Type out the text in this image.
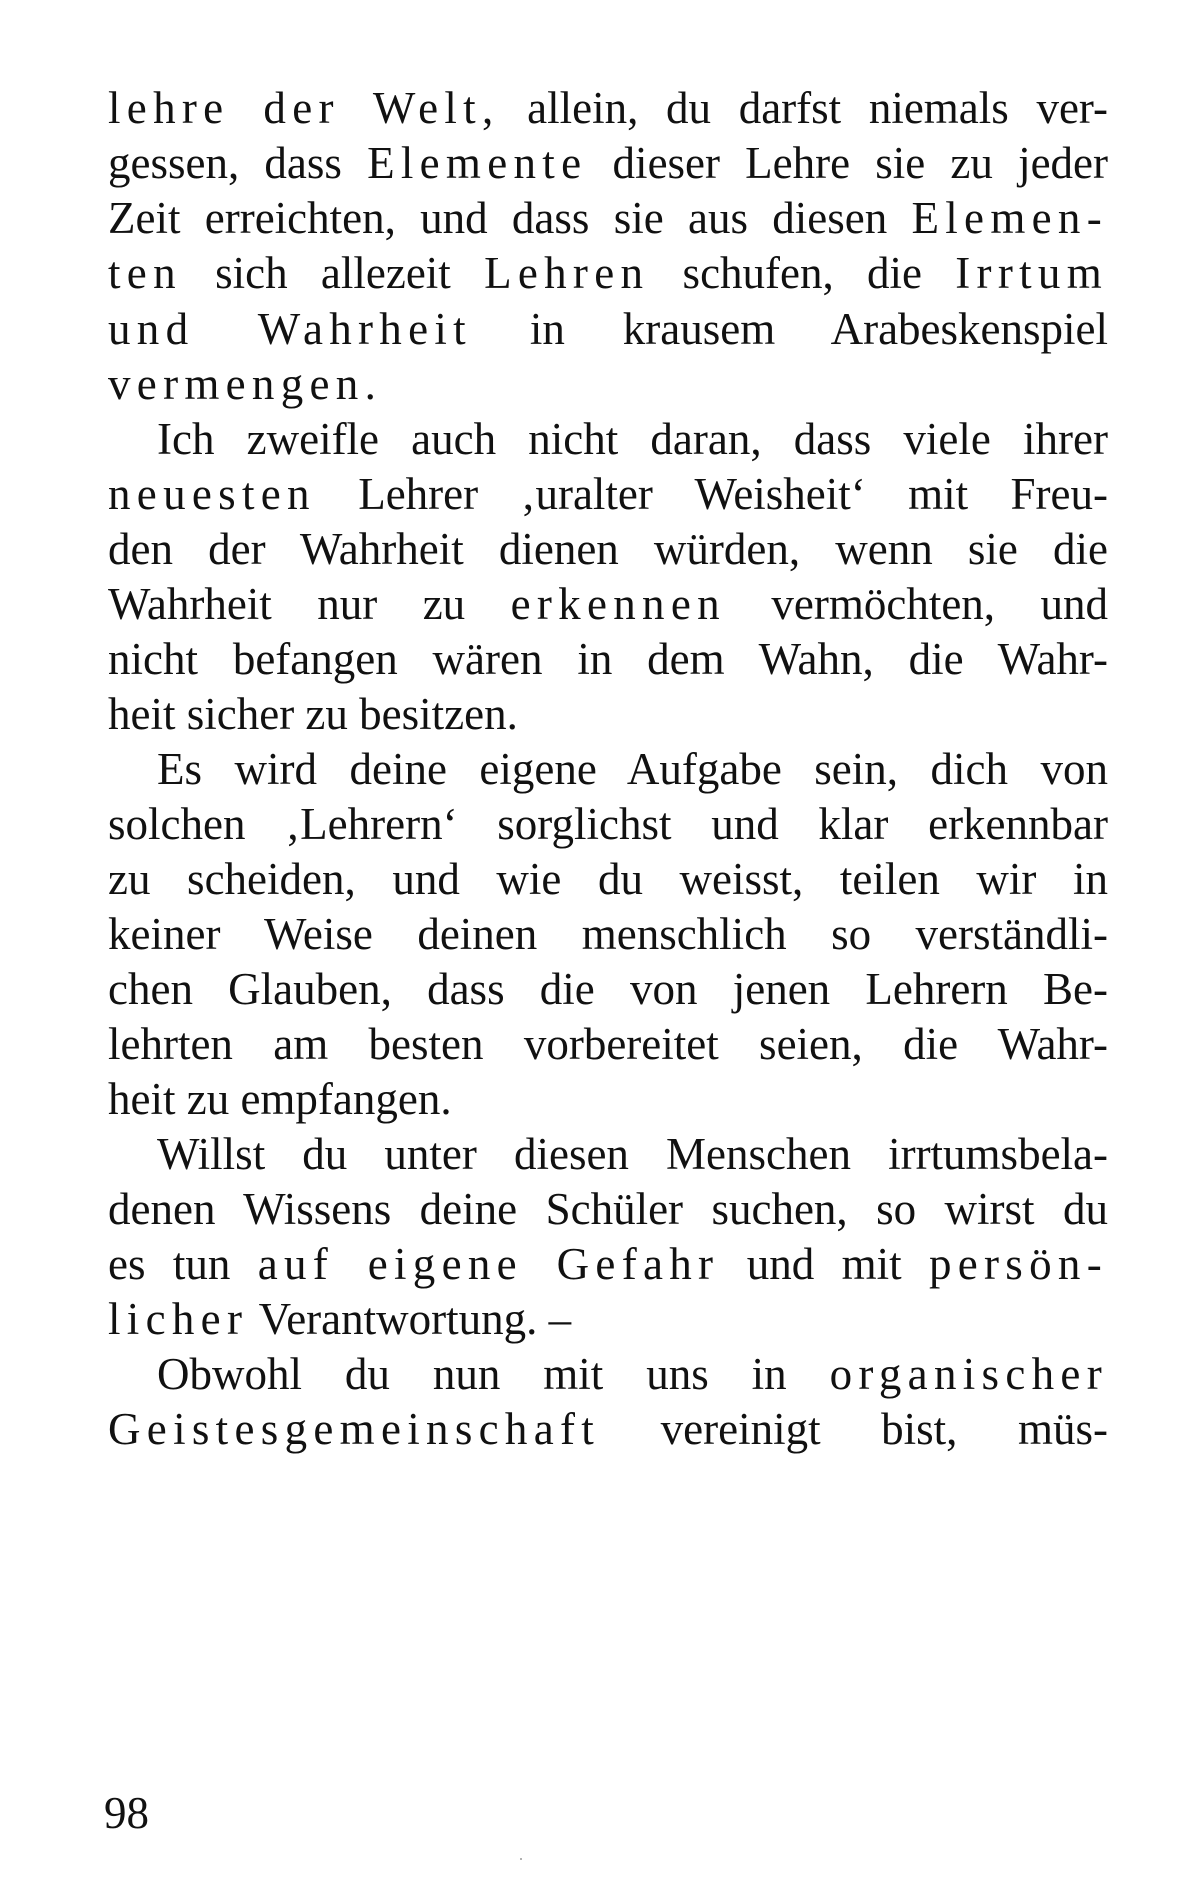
lehre der Welt, allein, du darfst niemals ver-
gessen, dass Elemente dieser Lehre sie zu jeder
Zeit erreichten, und dass sie aus diesen Elemen-
ten sich allezeit Lehren schufen, die Irrtum
und Wahrheit in krausem Arabeskenspiel
vermengen.
Ich zweifle auch nicht daran, dass viele ihrer
neuesten Lehrer ‚uralter Weisheit‘ mit Freu-
den der Wahrheit dienen würden, wenn sie die
Wahrheit nur zu erkennen vermöchten, und
nicht befangen wären in dem Wahn, die Wahr-
heit sicher zu besitzen.
Es wird deine eigene Aufgabe sein, dich von
solchen ‚Lehrern‘ sorglichst und klar erkennbar
zu scheiden, und wie du weisst, teilen wir in
keiner Weise deinen menschlich so verständli-
chen Glauben, dass die von jenen Lehrern Be-
lehrten am besten vorbereitet seien, die Wahr-
heit zu empfangen.
Willst du unter diesen Menschen irrtumsbela-
denen Wissens deine Schüler suchen, so wirst du
es tun auf eigene Gefahr und mit persön-
licher Verantwortung. –
Obwohl du nun mit uns in organischer
Geistesgemeinschaft vereinigt bist, müs-
98
